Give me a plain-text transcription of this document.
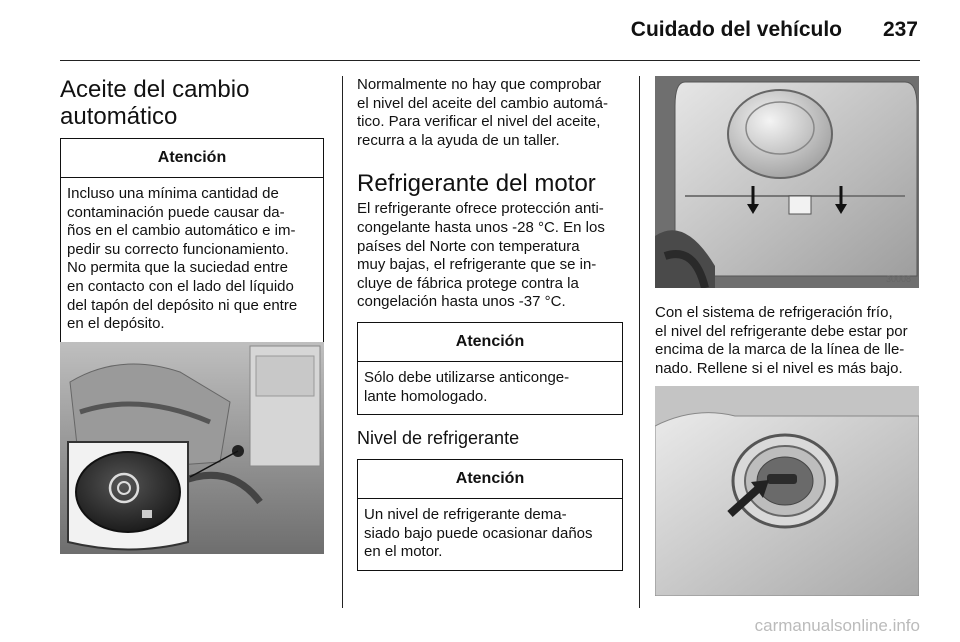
Cuidado del vehículo 237
Aceite del cambio
automático
Atención
Incluso una mínima cantidad de
contaminación puede causar da-
ños en el cambio automático e im-
pedir su correcto funcionamiento.
No permita que la suciedad entre
en contacto con el lado del líquido
del tapón del depósito ni que entre
en el depósito.

Normalmente no hay que comprobar
el nivel del aceite del cambio automá-
tico. Para verificar el nivel del aceite,
recurra a la ayuda de un taller.

Refrigerante del motor

El refrigerante ofrece protección anti-
congelante hasta unos -28 °C. En los
países del Norte con temperatura
muy bajas, el refrigerante que se in-
cluye de fábrica protege contra la
congelación hasta unos -37 °C.

Atención
Sólo debe utilizarse anticonge-
lante homologado.
Nivel de refrigerante
Atención
Un nivel de refrigerante dema-
siado bajo puede ocasionar daños
en el motor.
30008

Con el sistema de refrigeración frío,
el nivel del refrigerante debe estar por
encima de la marca de la línea de lle-
nado. Rellene si el nivel es más bajo.

carmanualsonline.info
